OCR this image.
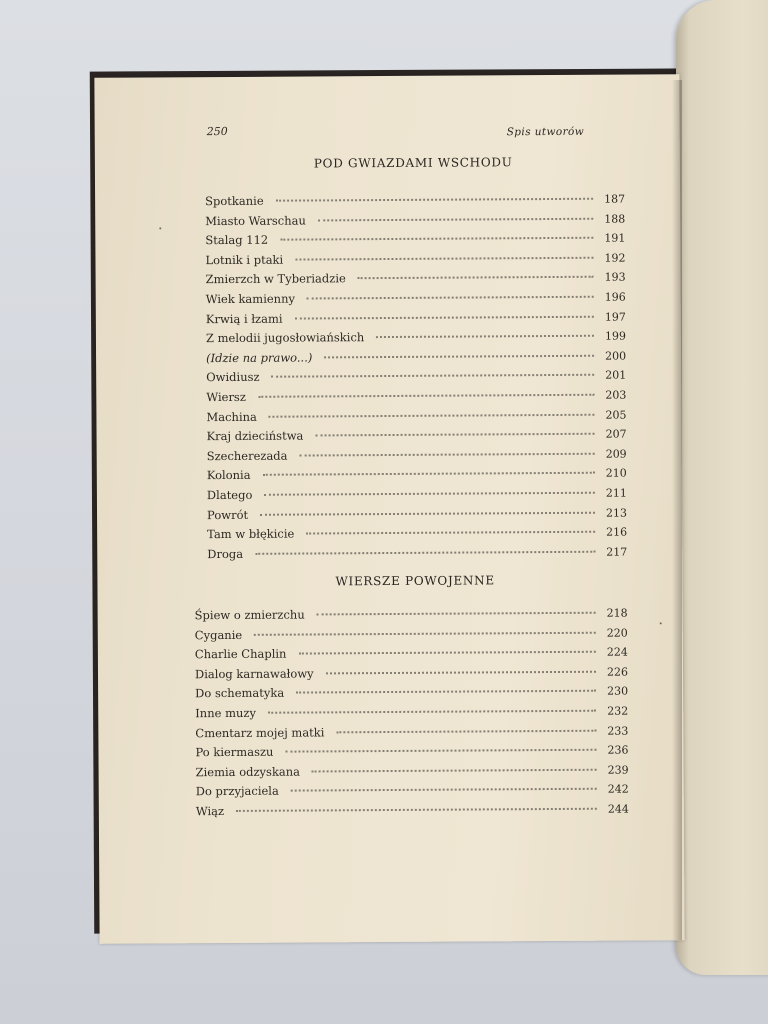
250	Spis utworów
POD GWIAZDAMI WSCHODU
Spotkanie	187
Miasto Warschau	188
Stalag 112	191
Lotnik i ptaki	192
Zmierzch w Tyberiadzie	193
Wiek kamienny	196
Krwią i łzami	197
Z melodii jugosłowiańskich	199
(Idzie na prawo...)	200
Owidiusz	201
Wiersz	203
Machina	205
Kraj dzieciństwa	207
Szecherezada	209
Kolonia	210
Dlatego	211
Powrót	213
Tam w błękicie	216
Droga	217
WIERSZE POWOJENNE
Śpiew o zmierzchu	218
Cyganie	220
Charlie Chaplin	224
Dialog karnawałowy	226
Do schematyka	230
Inne muzy	232
Cmentarz mojej matki	233
Po kiermaszu	236
Ziemia odzyskana	239
Do przyjaciela	242
Wiąz	244
